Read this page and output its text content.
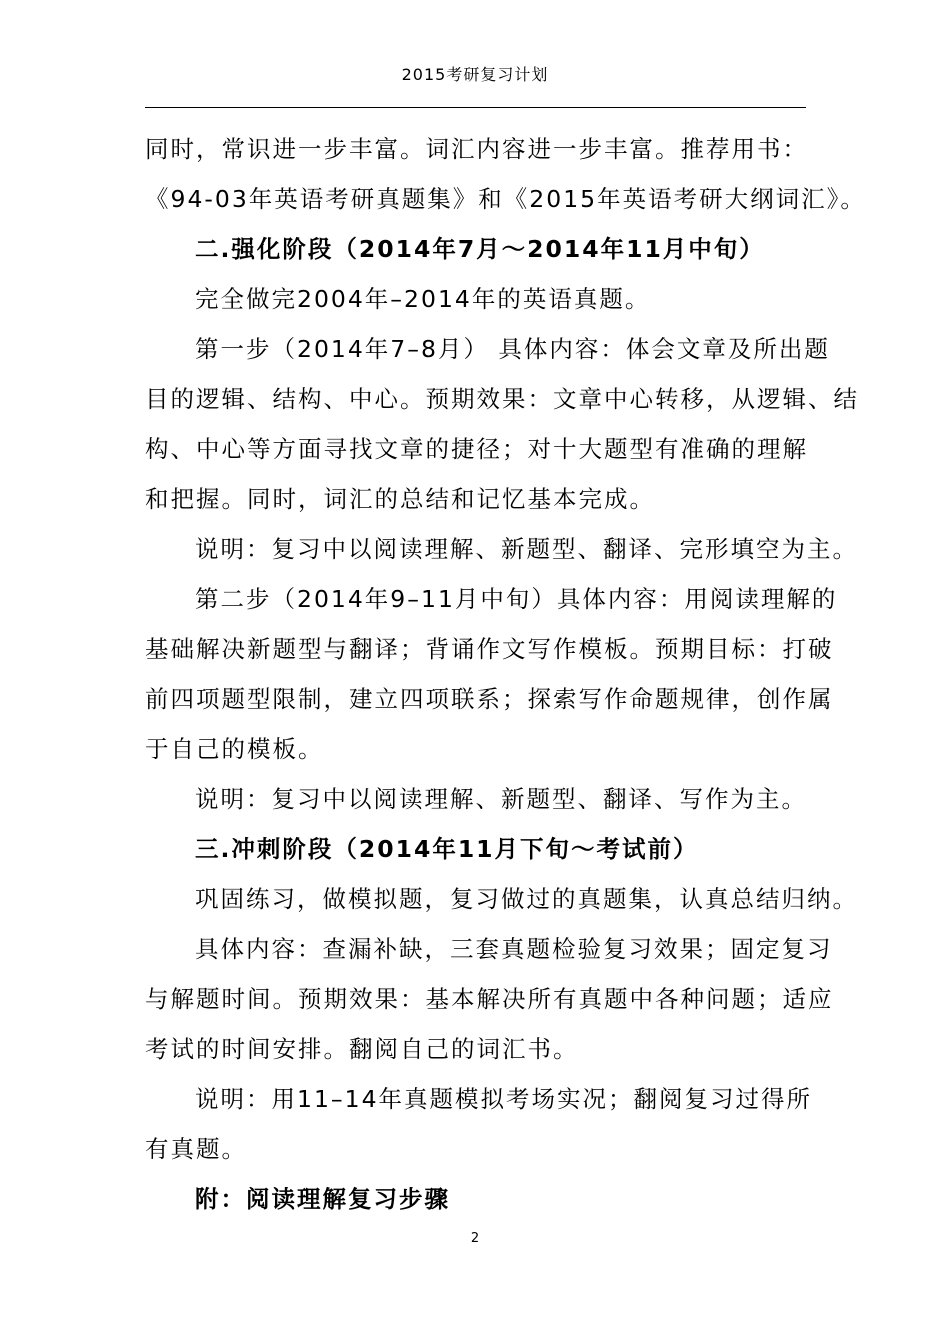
2015考研复习计划

同时，常识进一步丰富。词汇内容进一步丰富。推荐用书：

《94-03年英语考研真题集》和《2015年英语考研大纲词汇》。

二.强化阶段（2014年7月～2014年11月中旬）

完全做完2004年–2014年的英语真题。

第一步（2014年7–8月） 具体内容：体会文章及所出题

目的逻辑、结构、中心。预期效果：文章中心转移，从逻辑、结

构、中心等方面寻找文章的捷径；对十大题型有准确的理解

和把握。同时，词汇的总结和记忆基本完成。

说明：复习中以阅读理解、新题型、翻译、完形填空为主。

第二步（2014年9–11月中旬）具体内容：用阅读理解的

基础解决新题型与翻译；背诵作文写作模板。预期目标：打破

前四项题型限制，建立四项联系；探索写作命题规律，创作属

于自己的模板。

说明：复习中以阅读理解、新题型、翻译、写作为主。

三.冲刺阶段（2014年11月下旬～考试前）

巩固练习，做模拟题，复习做过的真题集，认真总结归纳。

具体内容：查漏补缺，三套真题检验复习效果；固定复习

与解题时间。预期效果：基本解决所有真题中各种问题；适应

考试的时间安排。翻阅自己的词汇书。

说明：用11–14年真题模拟考场实况；翻阅复习过得所

有真题。

附：阅读理解复习步骤

2
